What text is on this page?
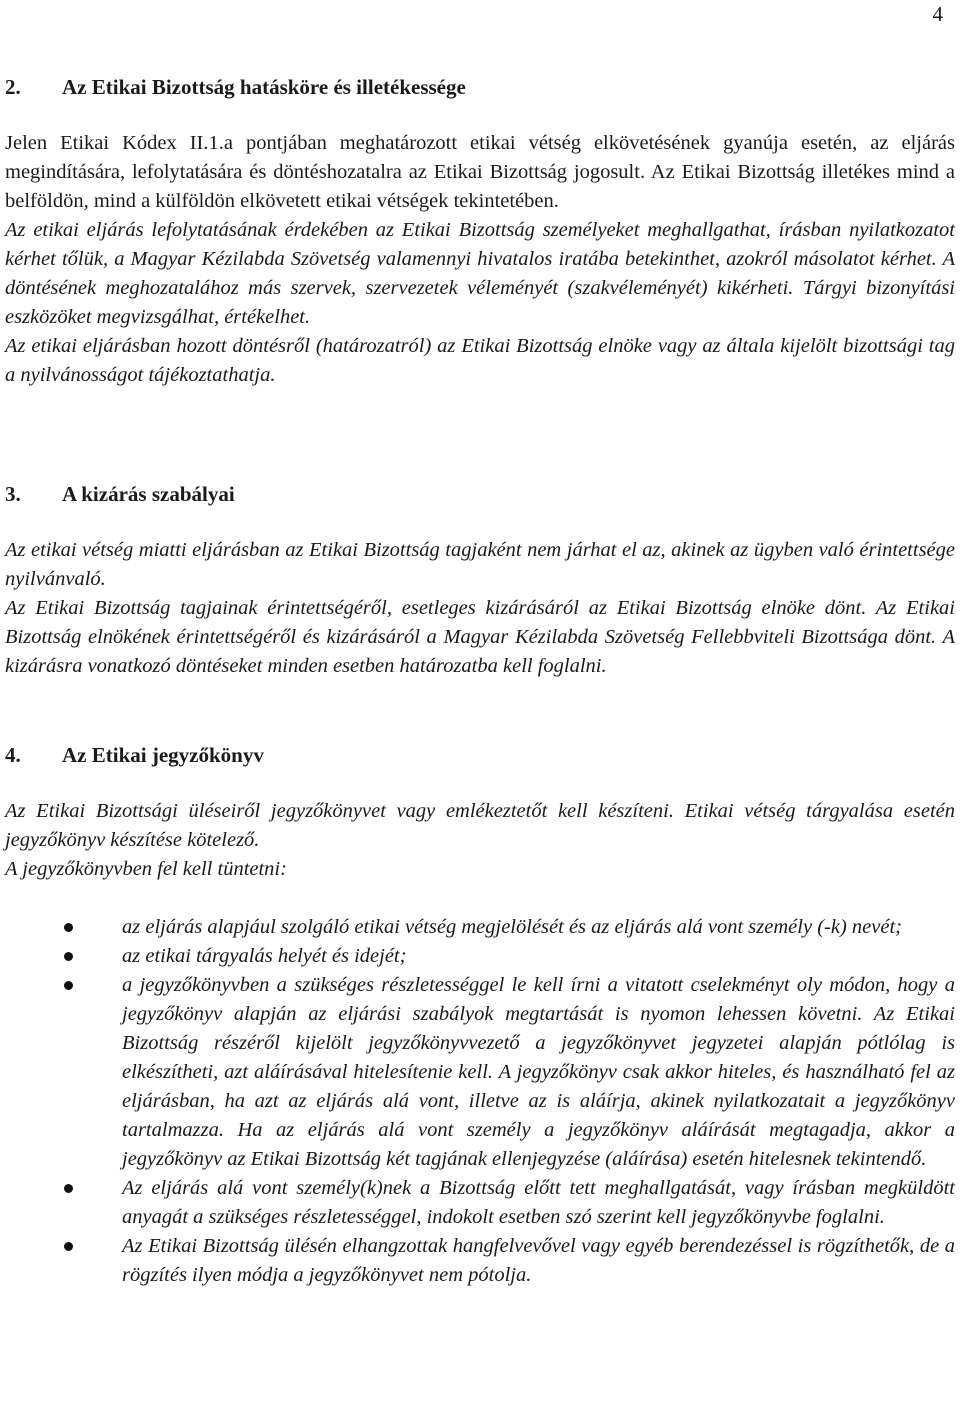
4
2. Az Etikai Bizottság hatásköre és illetékessége

Jelen Etikai Kódex II.1.a pontjában meghatározott etikai vétség elkövetésének gyanúja esetén, az eljárás megindítására, lefolytatására és döntéshozatalra az Etikai Bizottság jogosult. Az Etikai Bizottság illetékes mind a belföldön, mind a külföldön elkövetett etikai vétségek tekintetében.

Az etikai eljárás lefolytatásának érdekében az Etikai Bizottság személyeket meghallgathat, írásban nyilatkozatot kérhet tőlük, a Magyar Kézilabda Szövetség valamennyi hivatalos iratába betekinthet, azokról másolatot kérhet. A döntésének meghozatalához más szervek, szervezetek véleményét (szakvéleményét) kikérheti. Tárgyi bizonyítási eszközöket megvizsgálhat, értékelhet.

Az etikai eljárásban hozott döntésről (határozatról) az Etikai Bizottság elnöke vagy az általa kijelölt bizottsági tag a nyilvánosságot tájékoztathatja.

3. A kizárás szabályai

Az etikai vétség miatti eljárásban az Etikai Bizottság tagjaként nem járhat el az, akinek az ügyben való érintettsége nyilvánvaló.

Az Etikai Bizottság tagjainak érintettségéről, esetleges kizárásáról az Etikai Bizottság elnöke dönt. Az Etikai Bizottság elnökének érintettségéről és kizárásáról a Magyar Kézilabda Szövetség Fellebbviteli Bizottsága dönt. A kizárásra vonatkozó döntéseket minden esetben határozatba kell foglalni.

4. Az Etikai jegyzőkönyv

Az Etikai Bizottsági üléseiről jegyzőkönyvet vagy emlékeztetőt kell készíteni. Etikai vétség tárgyalása esetén jegyzőkönyv készítése kötelező.

A jegyzőkönyvben fel kell tüntetni:

az eljárás alapjául szolgáló etikai vétség megjelölését és az eljárás alá vont személy (-k) nevét;
az etikai tárgyalás helyét és idejét;
a jegyzőkönyvben a szükséges részletességgel le kell írni a vitatott cselekményt oly módon, hogy a jegyzőkönyv alapján az eljárási szabályok megtartását is nyomon lehessen követni. Az Etikai Bizottság részéről kijelölt jegyzőkönyvvezető a jegyzőkönyvet jegyzetei alapján pótlólag is elkészítheti, azt aláírásával hitelesítenie kell. A jegyzőkönyv csak akkor hiteles, és használható fel az eljárásban, ha azt az eljárás alá vont, illetve az is aláírja, akinek nyilatkozatait a jegyzőkönyv tartalmazza. Ha az eljárás alá vont személy a jegyzőkönyv aláírását megtagadja, akkor a jegyzőkönyv az Etikai Bizottság két tagjának ellenjegyzése (aláírása) esetén hitelesnek tekintendő.
Az eljárás alá vont személy(k)nek a Bizottság előtt tett meghallgatását, vagy írásban megküldött anyagát a szükséges részletességgel, indokolt esetben szó szerint kell jegyzőkönyvbe foglalni.
Az Etikai Bizottság ülésén elhangzottak hangfelvevővel vagy egyéb berendezéssel is rögzíthetők, de a rögzítés ilyen módja a jegyzőkönyvet nem pótolja.
